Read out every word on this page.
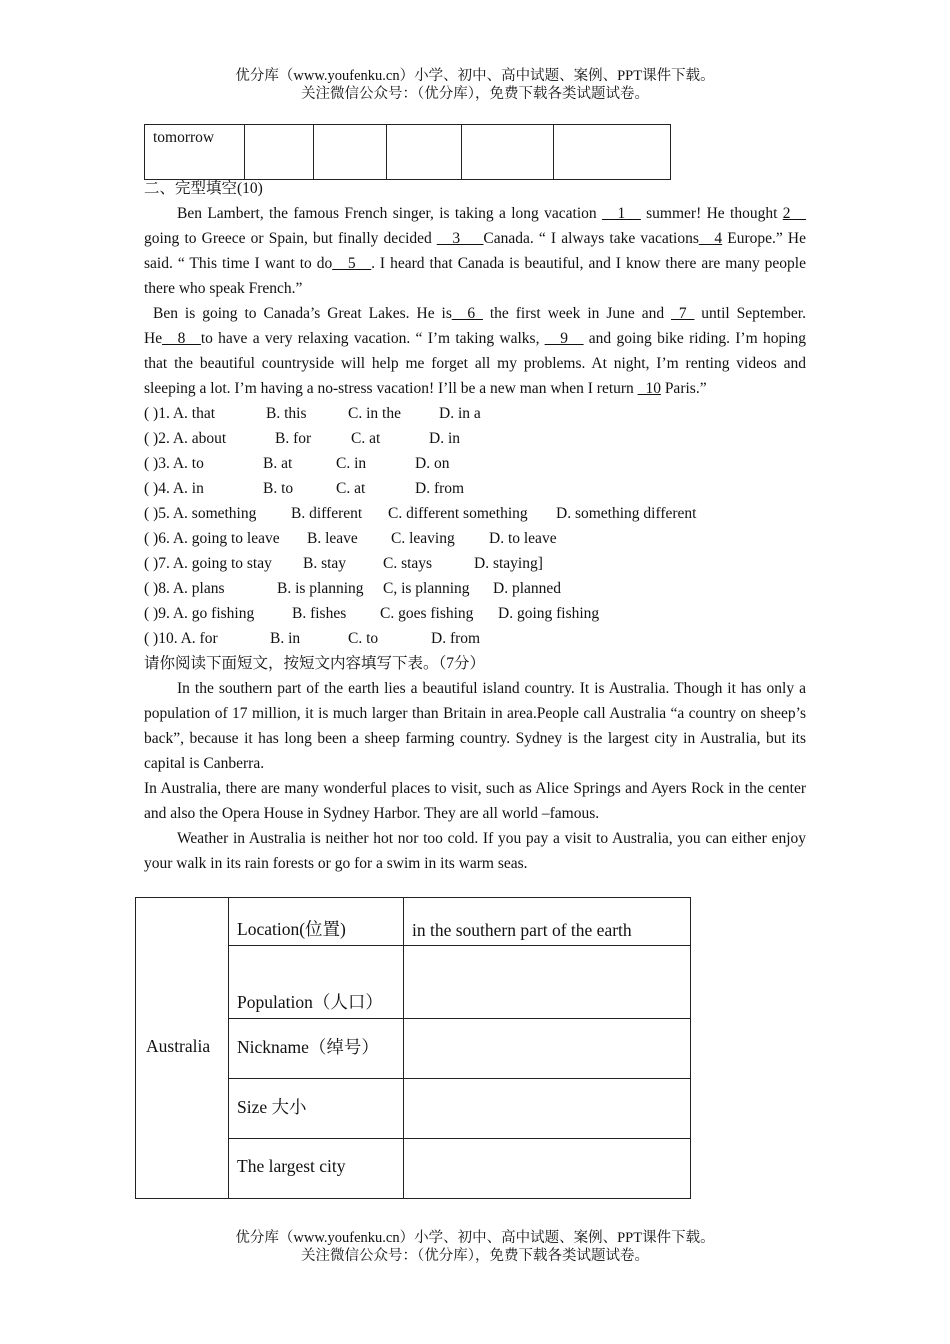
优分库（www.youfenku.cn）小学、初中、高中试题、案例、PPT课件下载。
关注微信公众号：（优分库），免费下载各类试题试卷。
tomorrow					
二、完型填空(10)
Ben Lambert, the famous French singer, is taking a long vacation __1__ summer! He thought 2__ going to Greece or Spain, but finally decided __3___Canada. “ I always take vacations__4 Europe.” He said. “ This time I want to do__5__. I heard that Canada is beautiful, and I know there are many people there who speak French.”
Ben is going to Canada’s Great Lakes. He is__6_ the first week in June and _7_ until September. He__8__to have a very relaxing vacation. “ I’m taking walks, __9__ and going bike riding. I’m hoping that the beautiful countryside will help me forget all my problems. At night, I’m renting videos and sleeping a lot. I’m having a no-stress vacation! I’ll be a new man when I return _10 Paris.”
( )1. A. that	B. this	C. in the D. in a
( )2. A. about	B. for	C. at	D. in
( )3. A. to	B. at	C. in	D. on
( )4. A. in	B. to	C. at	D. from
( )5. A. something B. different C. different something D. something different
( )6. A. going to leave B. leave C. leaving D. to leave
( )7. A. going to stay B. stay C. stays	D. staying]
( )8. A. plans	B. is planning C, is planning D. planned
( )9. A. go fishing B. fishes C. goes fishing D. going fishing
( )10. A. for	B. in	C. to	D. from
请你阅读下面短文，按短文内容填写下表。（7分）
In the southern part of the earth lies a beautiful island country. It is Australia. Though it has only a population of 17 million, it is much larger than Britain in area.People call Australia “a country on sheep’s back”, because it has long been a sheep farming country. Sydney is the largest city in Australia, but its capital is Canberra.
In Australia, there are many wonderful places to visit, such as Alice Springs and Ayers Rock in the center and also the Opera House in Sydney Harbor. They are all world –famous.
Weather in Australia is neither hot nor too cold. If you pay a visit to Australia, you can either enjoy your walk in its rain forests or go for a swim in its warm seas.
Australia	Location(位置)	in the southern part of the earth
	Population（人口）	
	Nickname（绰号）	
	Size 大小	
	The largest city	
优分库（www.youfenku.cn）小学、初中、高中试题、案例、PPT课件下载。
关注微信公众号：（优分库），免费下载各类试题试卷。
